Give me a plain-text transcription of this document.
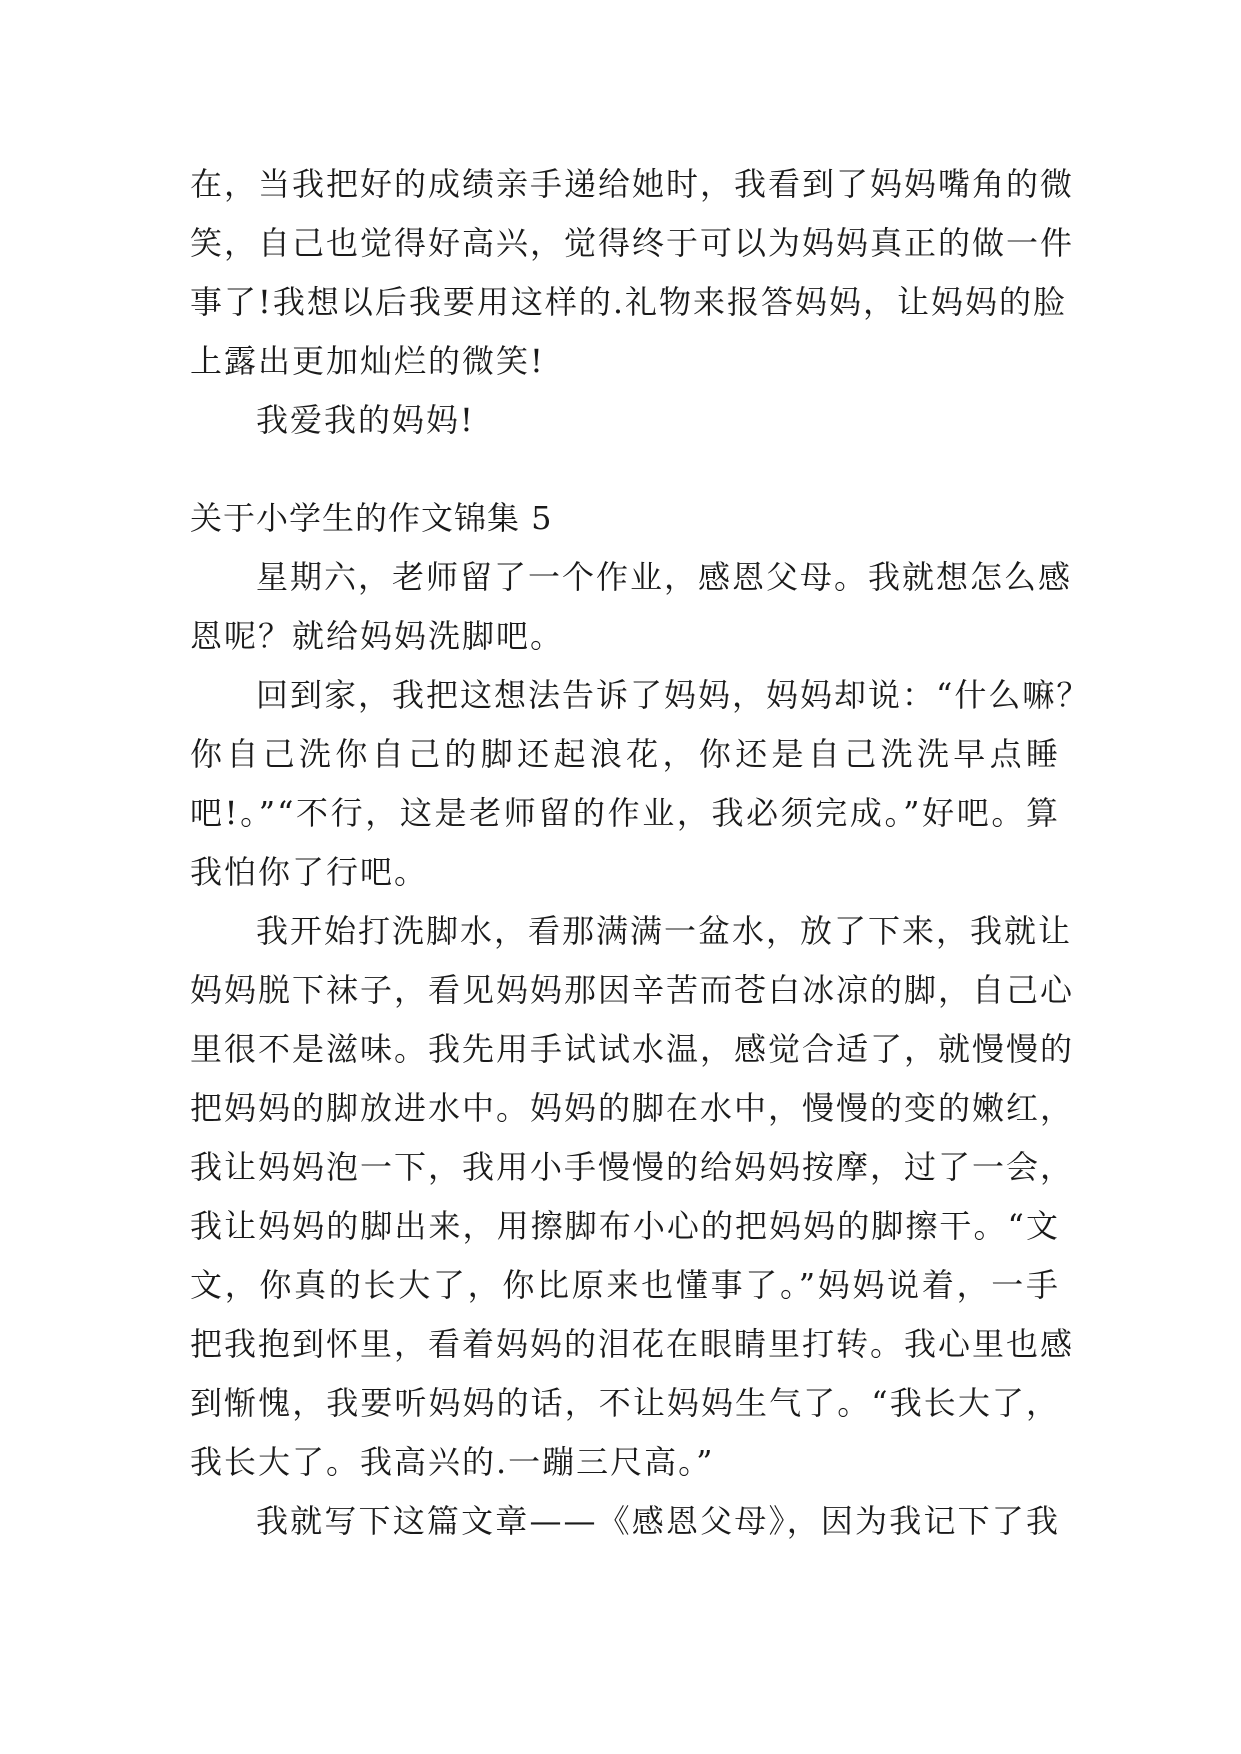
在，当我把好的成绩亲手递给她时，我看到了妈妈嘴角的微
笑，自己也觉得好高兴，觉得终于可以为妈妈真正的做一件
事了!我想以后我要用这样的.礼物来报答妈妈，让妈妈的脸
上露出更加灿烂的微笑!
我爱我的妈妈!
关于小学生的作文锦集 5
星期六，老师留了一个作业，感恩父母。我就想怎么感
恩呢？就给妈妈洗脚吧。
回到家，我把这想法告诉了妈妈，妈妈却说：“什么嘛？
你自己洗你自己的脚还起浪花，你还是自己洗洗早点睡
吧!。”“不行，这是老师留的作业，我必须完成。”好吧。算
我怕你了行吧。
我开始打洗脚水，看那满满一盆水，放了下来，我就让
妈妈脱下袜子，看见妈妈那因辛苦而苍白冰凉的脚，自己心
里很不是滋味。我先用手试试水温，感觉合适了，就慢慢的
把妈妈的脚放进水中。妈妈的脚在水中，慢慢的变的嫩红，
我让妈妈泡一下，我用小手慢慢的给妈妈按摩，过了一会，
我让妈妈的脚出来，用擦脚布小心的把妈妈的脚擦干。“文
文，你真的长大了，你比原来也懂事了。”妈妈说着，一手
把我抱到怀里，看着妈妈的泪花在眼睛里打转。我心里也感
到惭愧，我要听妈妈的话，不让妈妈生气了。“我长大了，
我长大了。我高兴的.一蹦三尺高。”
我就写下这篇文章——《感恩父母》，因为我记下了我
